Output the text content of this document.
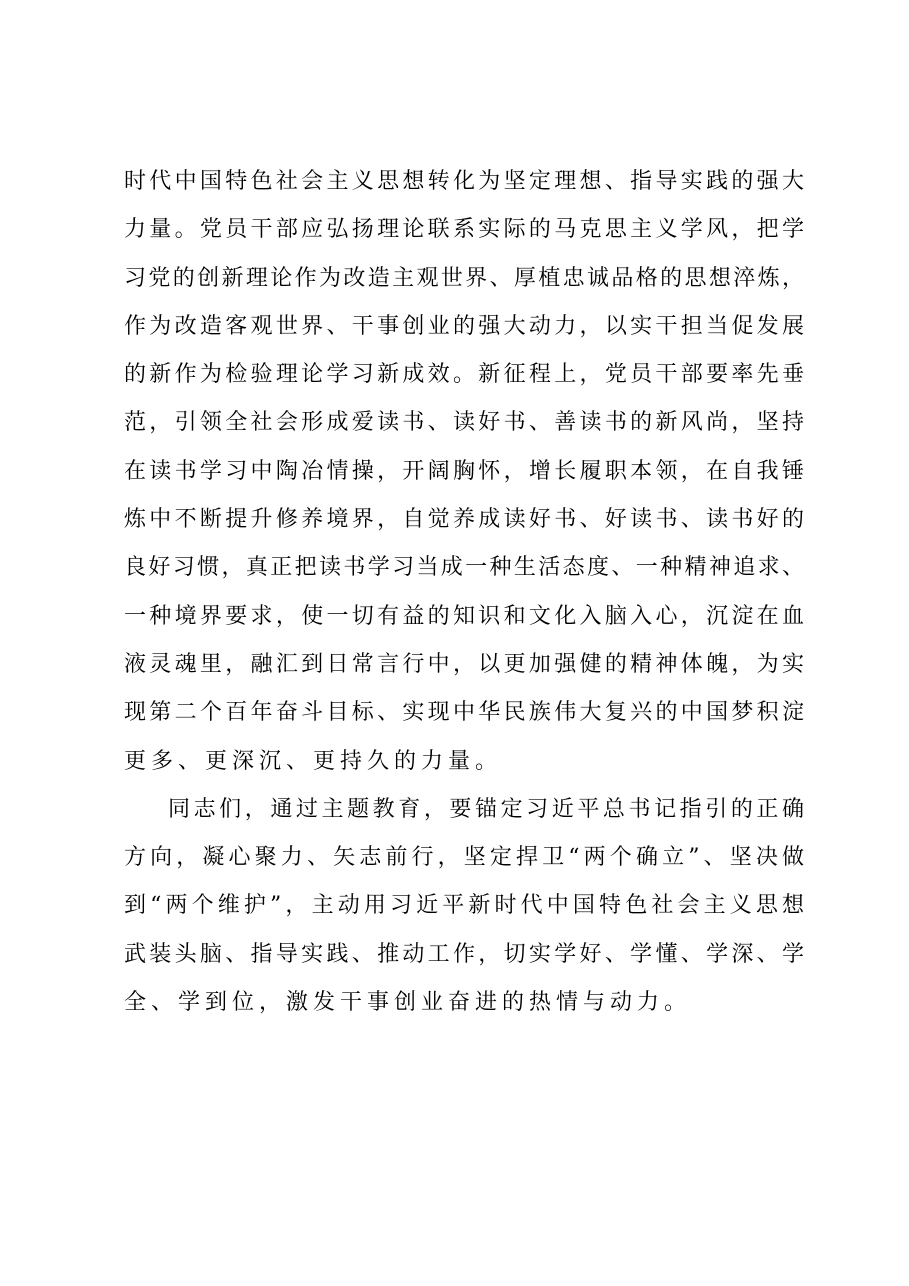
时代中国特色社会主义思想转化为坚定理想、指导实践的强大
力量。党员干部应弘扬理论联系实际的马克思主义学风，把学
习党的创新理论作为改造主观世界、厚植忠诚品格的思想淬炼，
作为改造客观世界、干事创业的强大动力，以实干担当促发展
的新作为检验理论学习新成效。新征程上，党员干部要率先垂
范，引领全社会形成爱读书、读好书、善读书的新风尚，坚持
在读书学习中陶冶情操，开阔胸怀，增长履职本领，在自我锤
炼中不断提升修养境界，自觉养成读好书、好读书、读书好的
良好习惯，真正把读书学习当成一种生活态度、一种精神追求、
一种境界要求，使一切有益的知识和文化入脑入心，沉淀在血
液灵魂里，融汇到日常言行中，以更加强健的精神体魄，为实
现第二个百年奋斗目标、实现中华民族伟大复兴的中国梦积淀
更多、更深沉、更持久的力量。
同志们，通过主题教育，要锚定习近平总书记指引的正确
方向，凝心聚力、矢志前行，坚定捍卫“两个确立”、坚决做
到“两个维护”，主动用习近平新时代中国特色社会主义思想
武装头脑、指导实践、推动工作，切实学好、学懂、学深、学
全、学到位，激发干事创业奋进的热情与动力。
